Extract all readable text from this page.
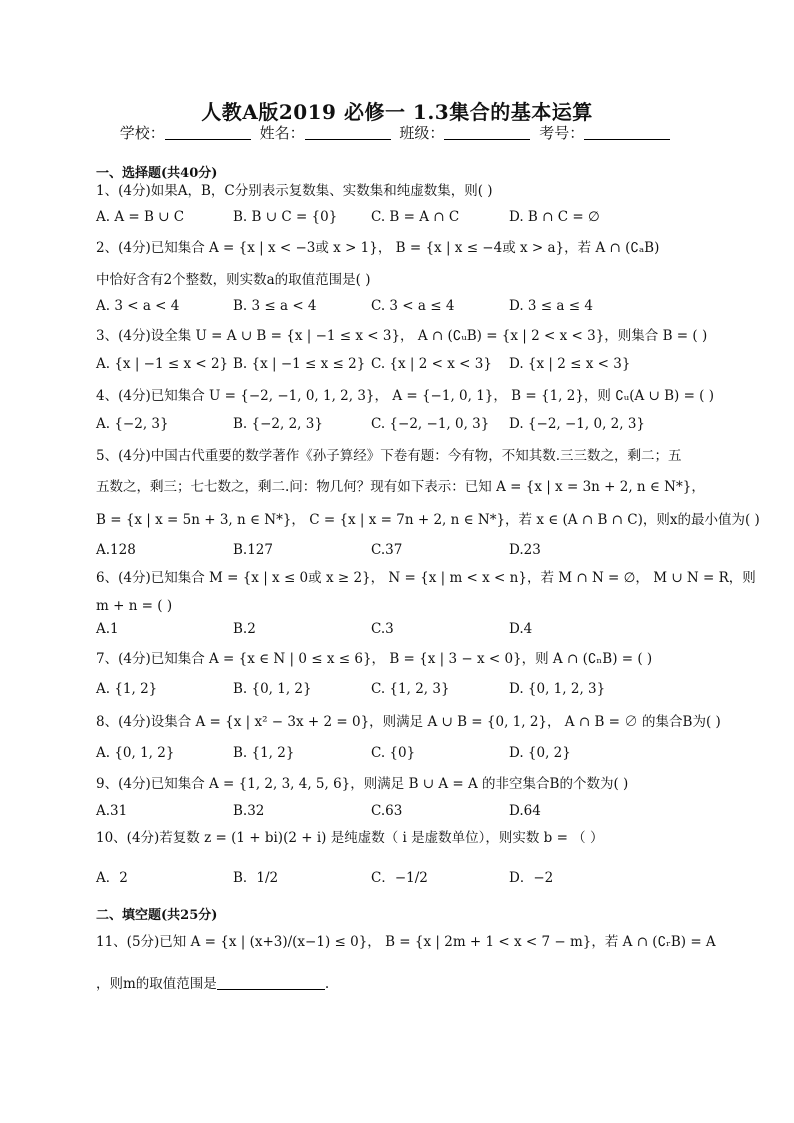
人教A版2019 必修一 1.3集合的基本运算
学校：	姓名：	班级：	考号：
一、选择题(共40分)
1、(4分)如果A，B，C分别表示复数集、实数集和纯虚数集，则( )
A. A = B ∪ C	B. B ∪ C = {0} C. B = A ∩ C	D. B ∩ C = ∅
2、(4分)已知集合 A = {x | x < −3或 x > 1}， B = {x | x ≤ −4或 x > a}，若 A ∩ (∁ₐB)
中恰好含有2个整数，则实数a的取值范围是( )
A. 3 < a < 4	B. 3 ≤ a < 4	C. 3 < a ≤ 4	D. 3 ≤ a ≤ 4
3、(4分)设全集 U = A ∪ B = {x | −1 ≤ x < 3}， A ∩ (∁ᵤB) = {x | 2 < x < 3}，则集合 B = ( )
A. {x | −1 ≤ x < 2} B. {x | −1 ≤ x ≤ 2} C. {x | 2 < x < 3} D. {x | 2 ≤ x < 3}
4、(4分)已知集合 U = {−2, −1, 0, 1, 2, 3}， A = {−1, 0, 1}， B = {1, 2}，则 ∁ᵤ(A ∪ B) = ( )
A. {−2, 3}	B. {−2, 2, 3}	C. {−2, −1, 0, 3} D. {−2, −1, 0, 2, 3}
5、(4分)中国古代重要的数学著作《孙子算经》下卷有题：今有物，不知其数.三三数之，剩二；五
五数之，剩三；七七数之，剩二.问：物几何？现有如下表示：已知 A = {x | x = 3n + 2, n ∈ N*}，
B = {x | x = 5n + 3, n ∈ N*}， C = {x | x = 7n + 2, n ∈ N*}，若 x ∈ (A ∩ B ∩ C)，则x的最小值为( )
A.128	B.127	C.37	D.23
6、(4分)已知集合 M = {x | x ≤ 0或 x ≥ 2}， N = {x | m < x < n}，若 M ∩ N = ∅， M ∪ N = R，则
m + n = ( )
A.1	B.2	C.3	D.4
7、(4分)已知集合 A = {x ∈ N | 0 ≤ x ≤ 6}， B = {x | 3 − x < 0}，则 A ∩ (∁ₙB) = ( )
A. {1, 2}	B. {0, 1, 2}	C. {1, 2, 3}	D. {0, 1, 2, 3}
8、(4分)设集合 A = {x | x² − 3x + 2 = 0}，则满足 A ∪ B = {0, 1, 2}， A ∩ B = ∅ 的集合B为( )
A. {0, 1, 2}	B. {1, 2}	C. {0}	D. {0, 2}
9、(4分)已知集合 A = {1, 2, 3, 4, 5, 6}，则满足 B ∪ A = A 的非空集合B的个数为( )
A.31	B.32	C.63	D.64
10、(4分)若复数 z = (1 + bi)(2 + i) 是纯虚数（ i 是虚数单位），则实数 b = （ ）
A．2	B．1/2	C．−1/2	D．−2
二、填空题(共25分)
11、(5分)已知 A = {x | (x+3)/(x−1) ≤ 0}， B = {x | 2m + 1 < x < 7 − m}，若 A ∩ (∁ᵣB) = A
，则m的取值范围是	.
